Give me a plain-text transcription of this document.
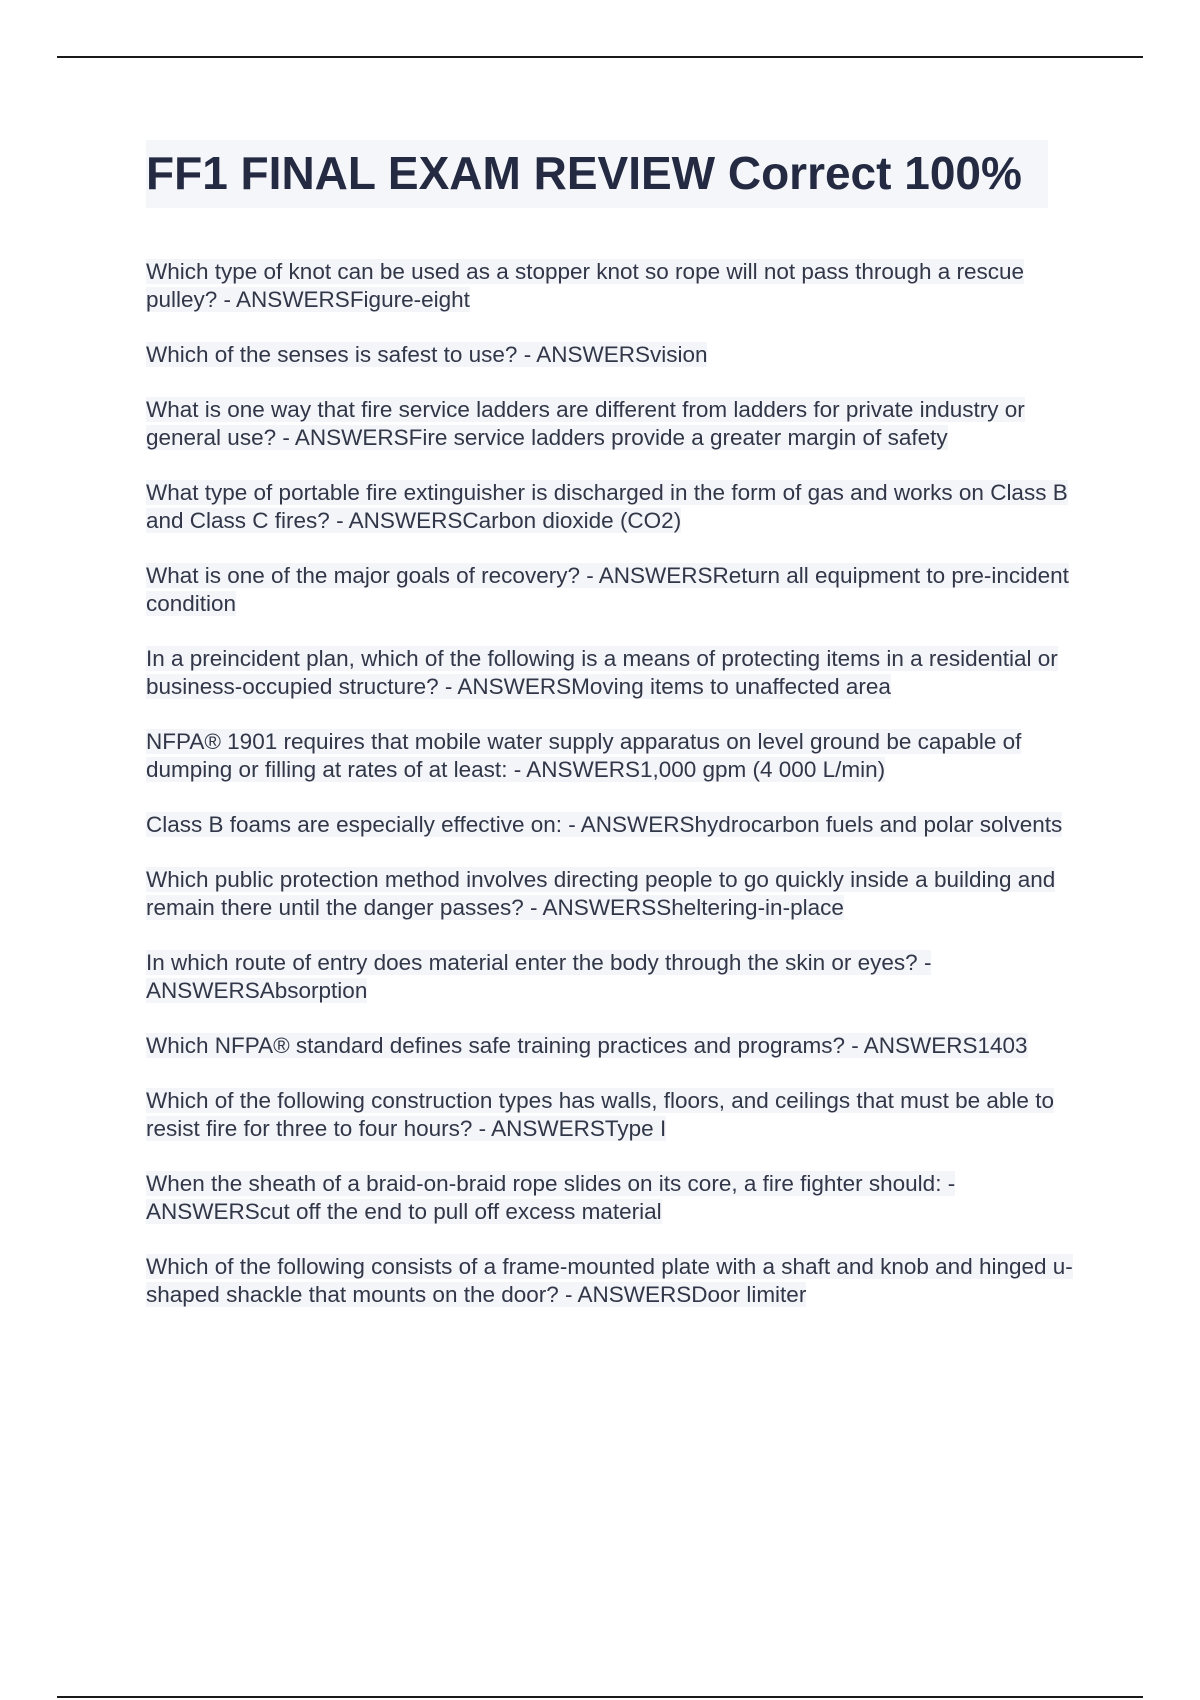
FF1 FINAL EXAM REVIEW Correct 100%

Which type of knot can be used as a stopper knot so rope will not pass through a rescue pulley? - ANSWERSFigure-eight

Which of the senses is safest to use? - ANSWERSvision

What is one way that fire service ladders are different from ladders for private industry or general use? - ANSWERSFire service ladders provide a greater margin of safety

What type of portable fire extinguisher is discharged in the form of gas and works on Class B and Class C fires? - ANSWERSCarbon dioxide (CO2)

What is one of the major goals of recovery? - ANSWERSReturn all equipment to pre-incident condition

In a preincident plan, which of the following is a means of protecting items in a residential or business-occupied structure? - ANSWERSMoving items to unaffected area

NFPA® 1901 requires that mobile water supply apparatus on level ground be capable of dumping or filling at rates of at least: - ANSWERS1,000 gpm (4 000 L/min)

Class B foams are especially effective on: - ANSWERShydrocarbon fuels and polar solvents

Which public protection method involves directing people to go quickly inside a building and remain there until the danger passes? - ANSWERSSheltering-in-place

In which route of entry does material enter the body through the skin or eyes? - ANSWERSAbsorption

Which NFPA® standard defines safe training practices and programs? - ANSWERS1403

Which of the following construction types has walls, floors, and ceilings that must be able to resist fire for three to four hours? - ANSWERSType I

When the sheath of a braid-on-braid rope slides on its core, a fire fighter should: - ANSWERScut off the end to pull off excess material

Which of the following consists of a frame-mounted plate with a shaft and knob and hinged u-shaped shackle that mounts on the door? - ANSWERSDoor limiter
